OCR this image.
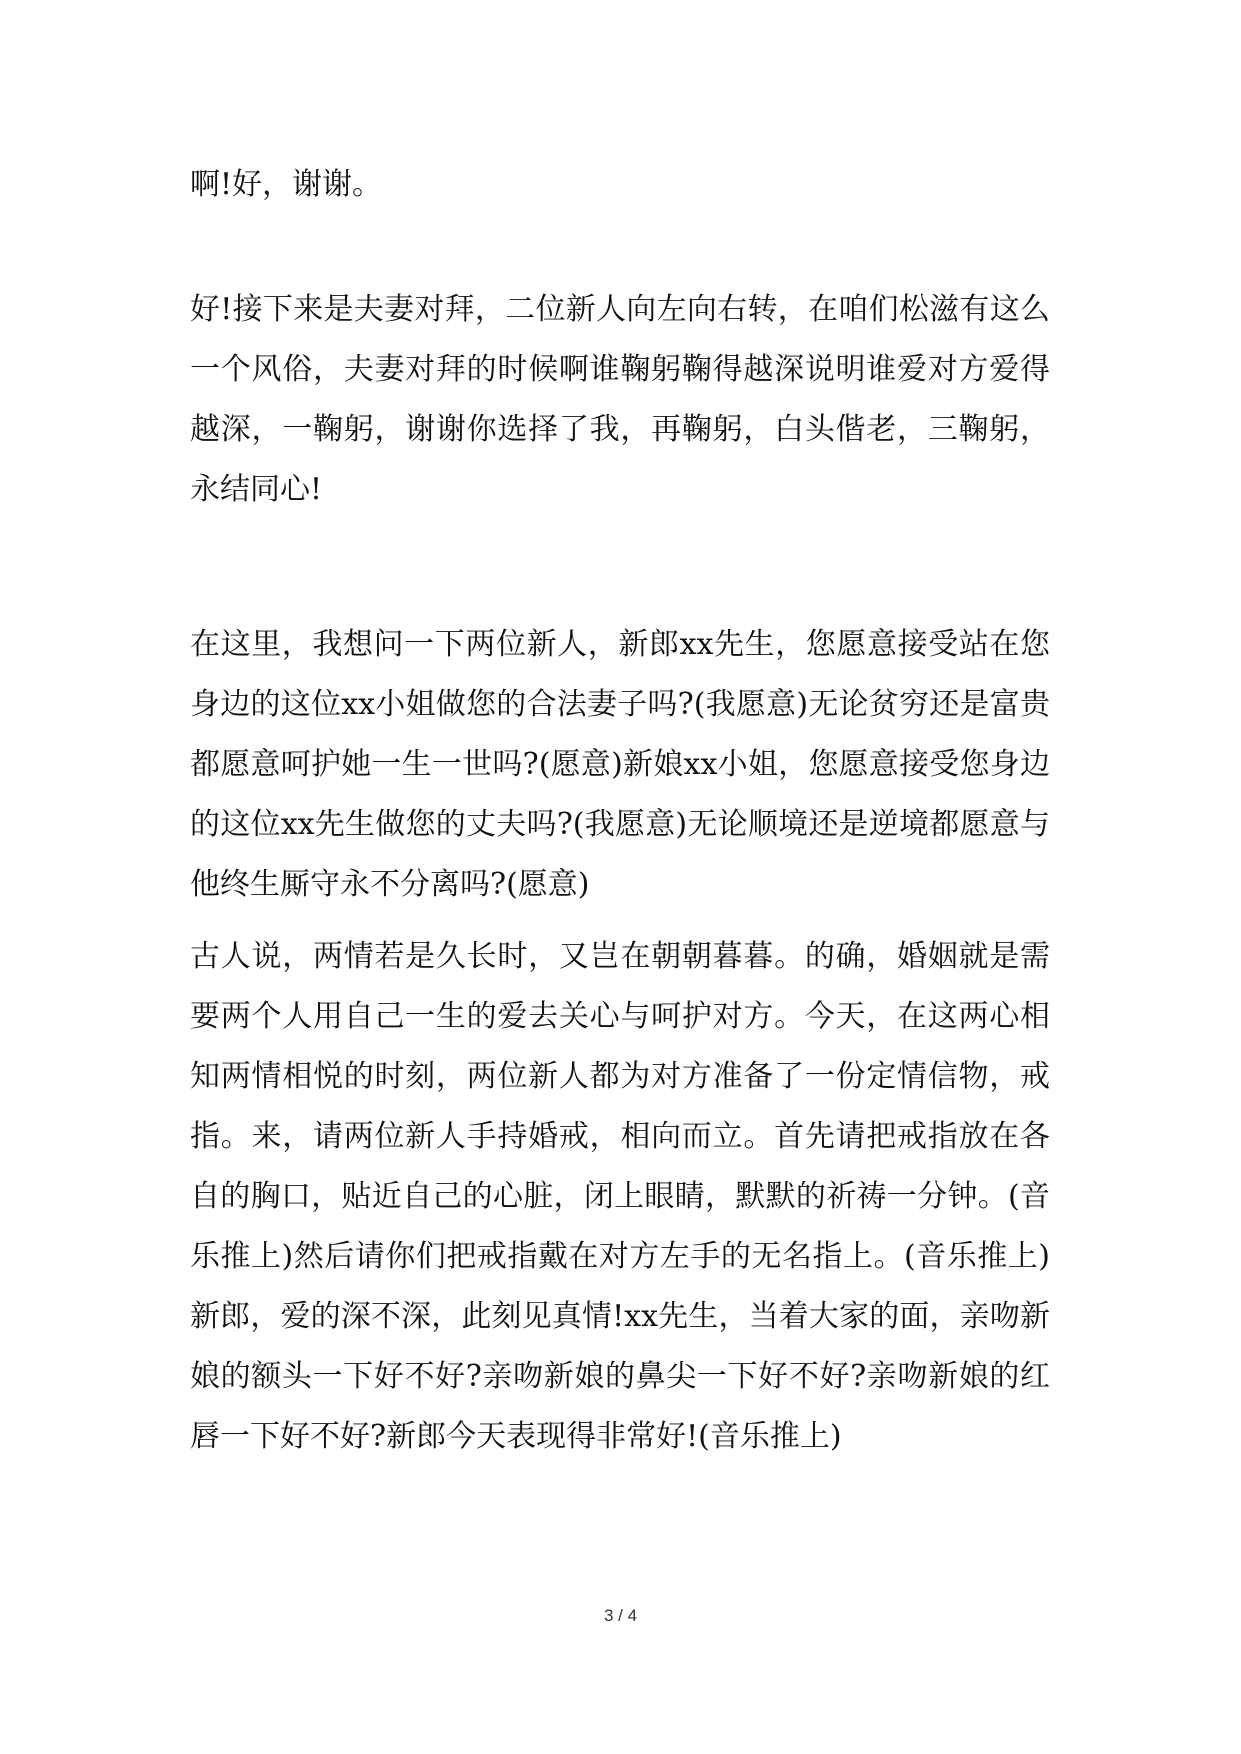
啊!好，谢谢。

好!接下来是夫妻对拜，二位新人向左向右转，在咱们松滋有这么一个风俗，夫妻对拜的时候啊谁鞠躬鞠得越深说明谁爱对方爱得越深，一鞠躬，谢谢你选择了我，再鞠躬，白头偕老，三鞠躬，永结同心!

在这里，我想问一下两位新人，新郎xx先生，您愿意接受站在您身边的这位xx小姐做您的合法妻子吗?(我愿意)无论贫穷还是富贵都愿意呵护她一生一世吗?(愿意)新娘xx小姐，您愿意接受您身边的这位xx先生做您的丈夫吗?(我愿意)无论顺境还是逆境都愿意与他终生厮守永不分离吗?(愿意)

古人说，两情若是久长时，又岂在朝朝暮暮。的确，婚姻就是需要两个人用自己一生的爱去关心与呵护对方。今天，在这两心相知两情相悦的时刻，两位新人都为对方准备了一份定情信物，戒指。来，请两位新人手持婚戒，相向而立。首先请把戒指放在各自的胸口，贴近自己的心脏，闭上眼睛，默默的祈祷一分钟。(音乐推上)然后请你们把戒指戴在对方左手的无名指上。(音乐推上)新郎，爱的深不深，此刻见真情!xx先生，当着大家的面，亲吻新娘的额头一下好不好?亲吻新娘的鼻尖一下好不好?亲吻新娘的红唇一下好不好?新郎今天表现得非常好!(音乐推上)

3 / 4
